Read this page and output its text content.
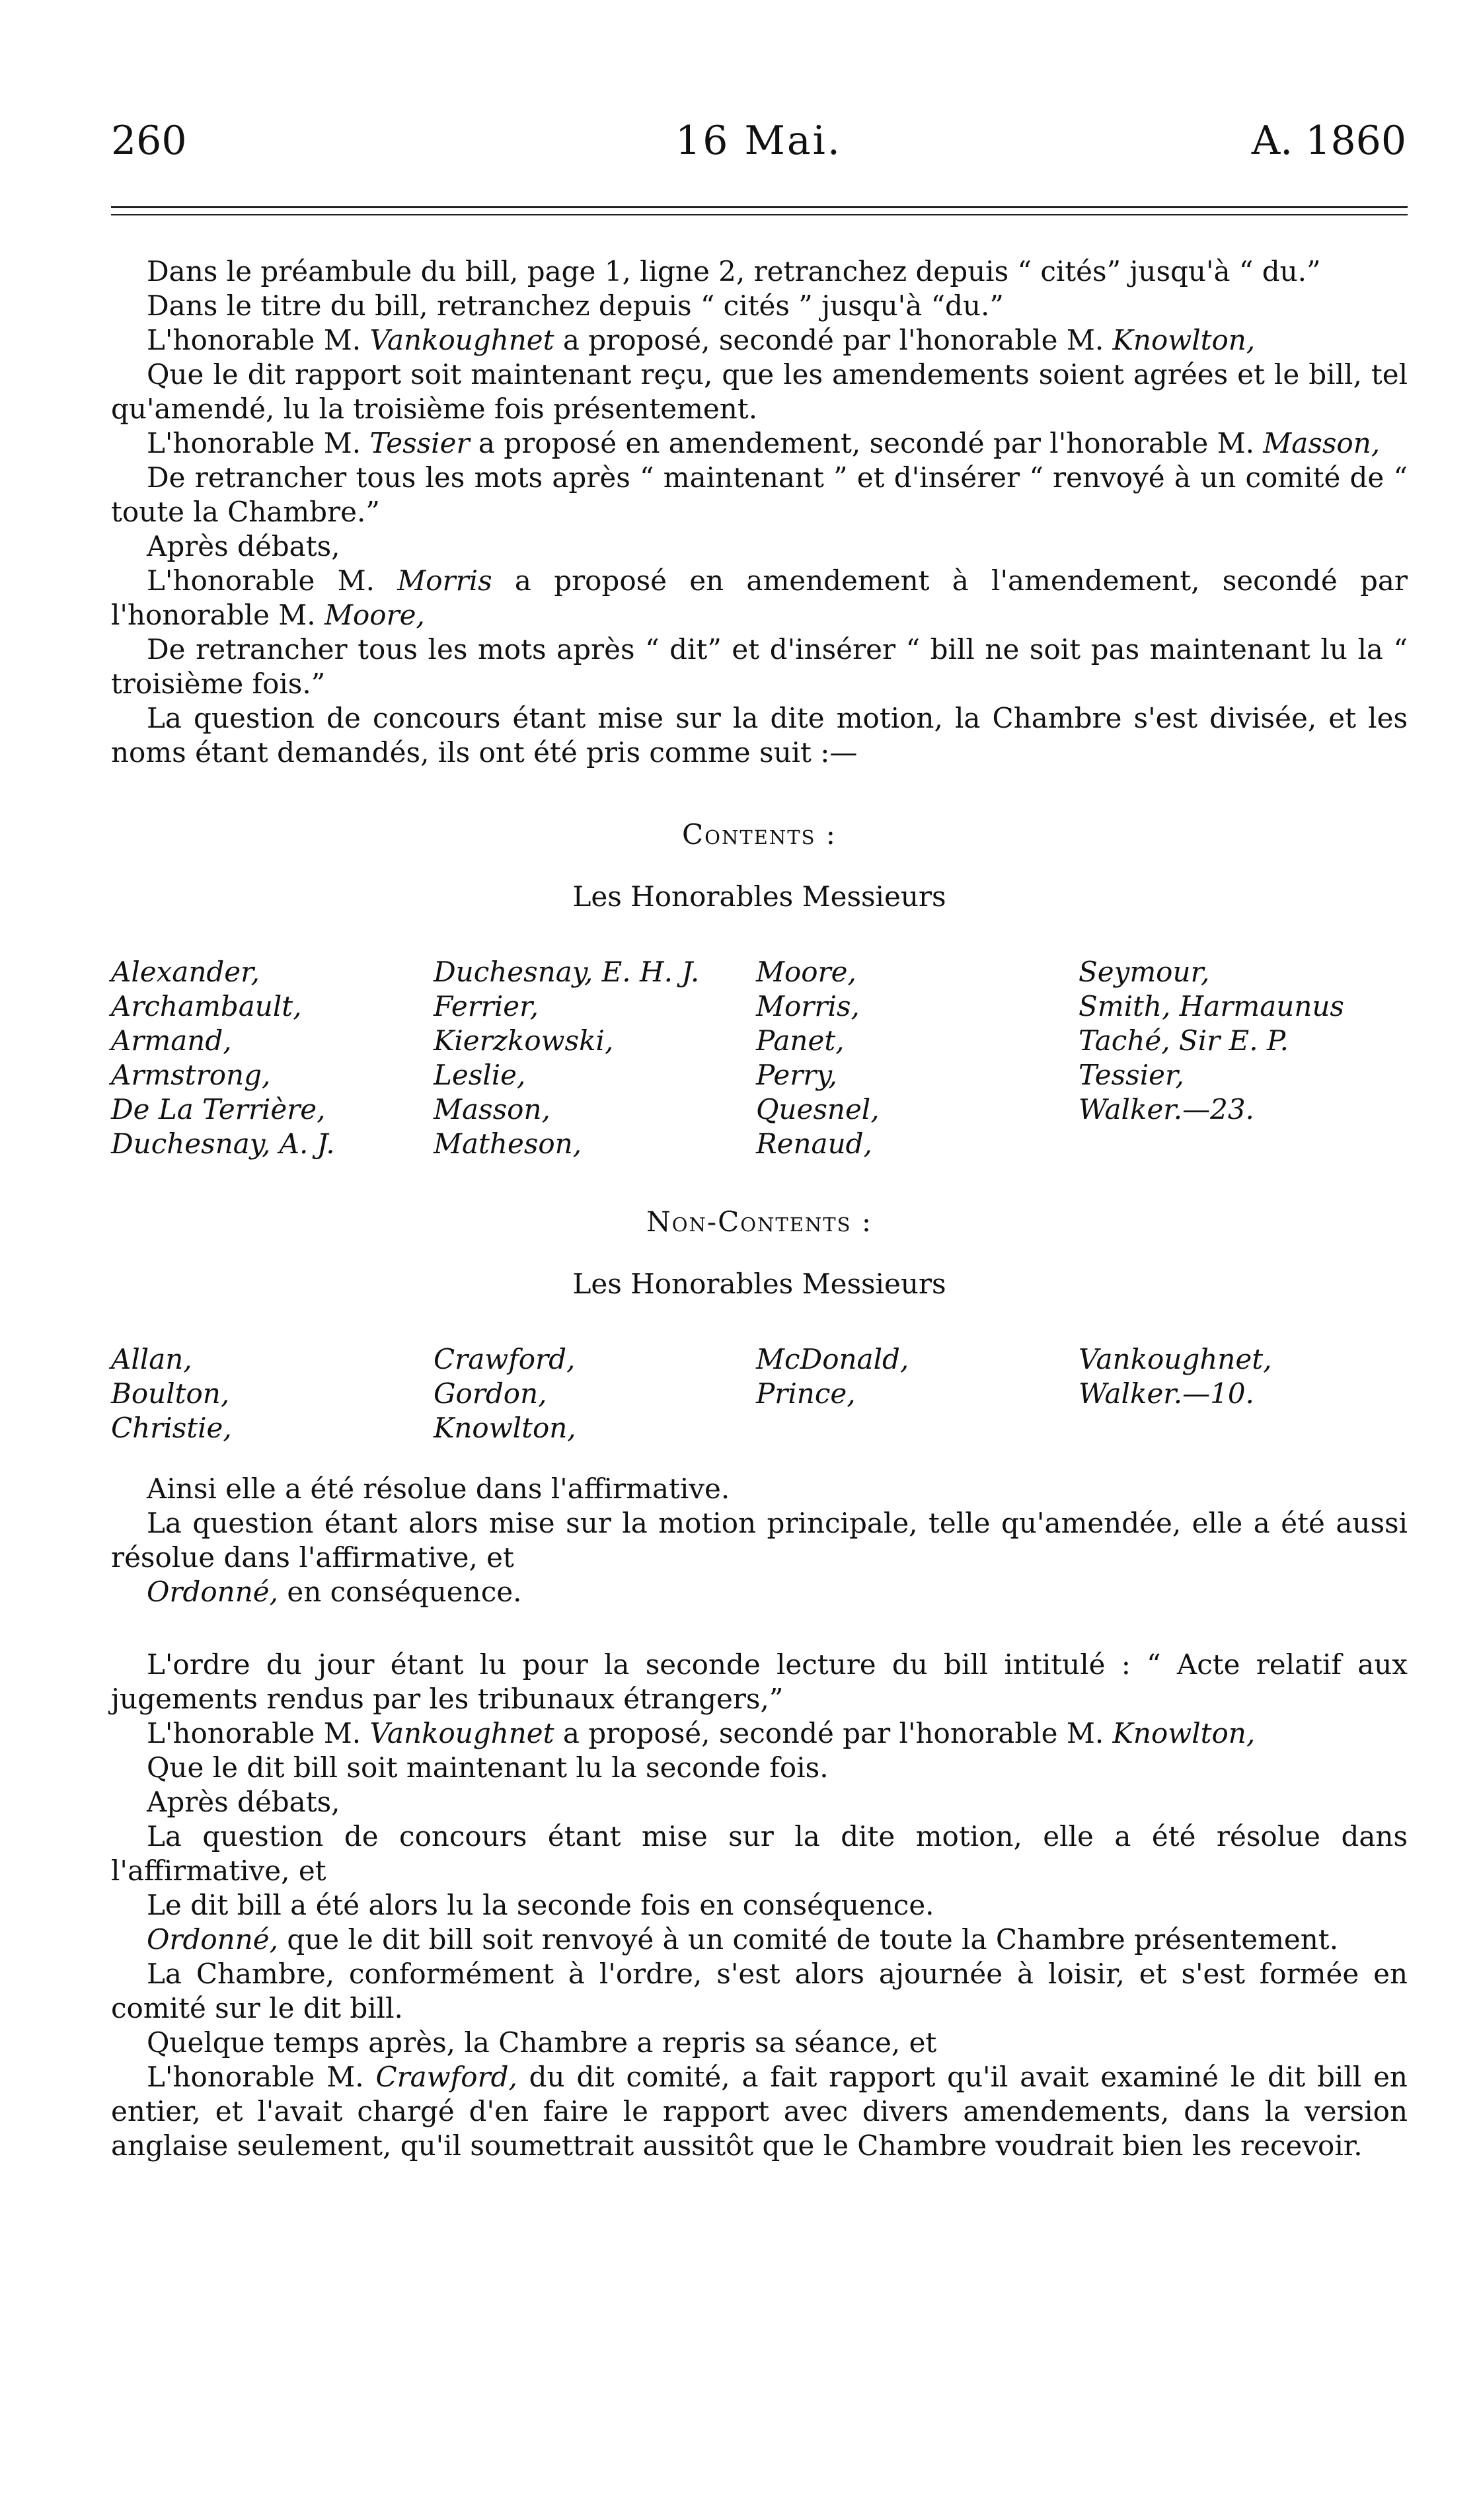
260	16 Mai.	A. 1860

Dans le préambule du bill, page 1, ligne 2, retranchez depuis “ cités” jusqu'à “ du.”

Dans le titre du bill, retranchez depuis “ cités ” jusqu'à “du.”

L'honorable M. Vankoughnet a proposé, secondé par l'honorable M. Knowlton,

Que le dit rapport soit maintenant reçu, que les amendements soient agrées et le bill, tel qu'amendé, lu la troisième fois présentement.

L'honorable M. Tessier a proposé en amendement, secondé par l'honorable M. Masson,

De retrancher tous les mots après “ maintenant ” et d'insérer “ renvoyé à un comité de “ toute la Chambre.”

Après débats,

L'honorable M. Morris a proposé en amendement à l'amendement, secondé par l'honorable M. Moore,

De retrancher tous les mots après “ dit” et d'insérer “ bill ne soit pas maintenant lu la “ troisième fois.”

La question de concours étant mise sur la dite motion, la Chambre s'est divisée, et les noms étant demandés, ils ont été pris comme suit :—

Contents :

Les Honorables Messieurs

Alexander,	Duchesnay, E. H. J.	Moore,	Seymour,
Archambault,	Ferrier,	Morris,	Smith, Harmaunus
Armand,	Kierzkowski,	Panet,	Taché, Sir E. P.
Armstrong,	Leslie,	Perry,	Tessier,
De La Terrière,	Masson,	Quesnel,	Walker.—23.
Duchesnay, A. J.	Matheson,	Renaud,

Non-Contents :

Les Honorables Messieurs

Allan,	Crawford,	McDonald,	Vankoughnet,
Boulton,	Gordon,	Prince,	Walker.—10.
Christie,	Knowlton,

Ainsi elle a été résolue dans l'affirmative.

La question étant alors mise sur la motion principale, telle qu'amendée, elle a été aussi résolue dans l'affirmative, et

Ordonné, en conséquence.

L'ordre du jour étant lu pour la seconde lecture du bill intitulé : “ Acte relatif aux jugements rendus par les tribunaux étrangers,”

L'honorable M. Vankoughnet a proposé, secondé par l'honorable M. Knowlton,

Que le dit bill soit maintenant lu la seconde fois.

Après débats,

La question de concours étant mise sur la dite motion, elle a été résolue dans l'affirmative, et

Le dit bill a été alors lu la seconde fois en conséquence.

Ordonné, que le dit bill soit renvoyé à un comité de toute la Chambre présentement.

La Chambre, conformément à l'ordre, s'est alors ajournée à loisir, et s'est formée en comité sur le dit bill.

Quelque temps après, la Chambre a repris sa séance, et

L'honorable M. Crawford, du dit comité, a fait rapport qu'il avait examiné le dit bill en entier, et l'avait chargé d'en faire le rapport avec divers amendements, dans la version anglaise seulement, qu'il soumettrait aussitôt que le Chambre voudrait bien les recevoir.
